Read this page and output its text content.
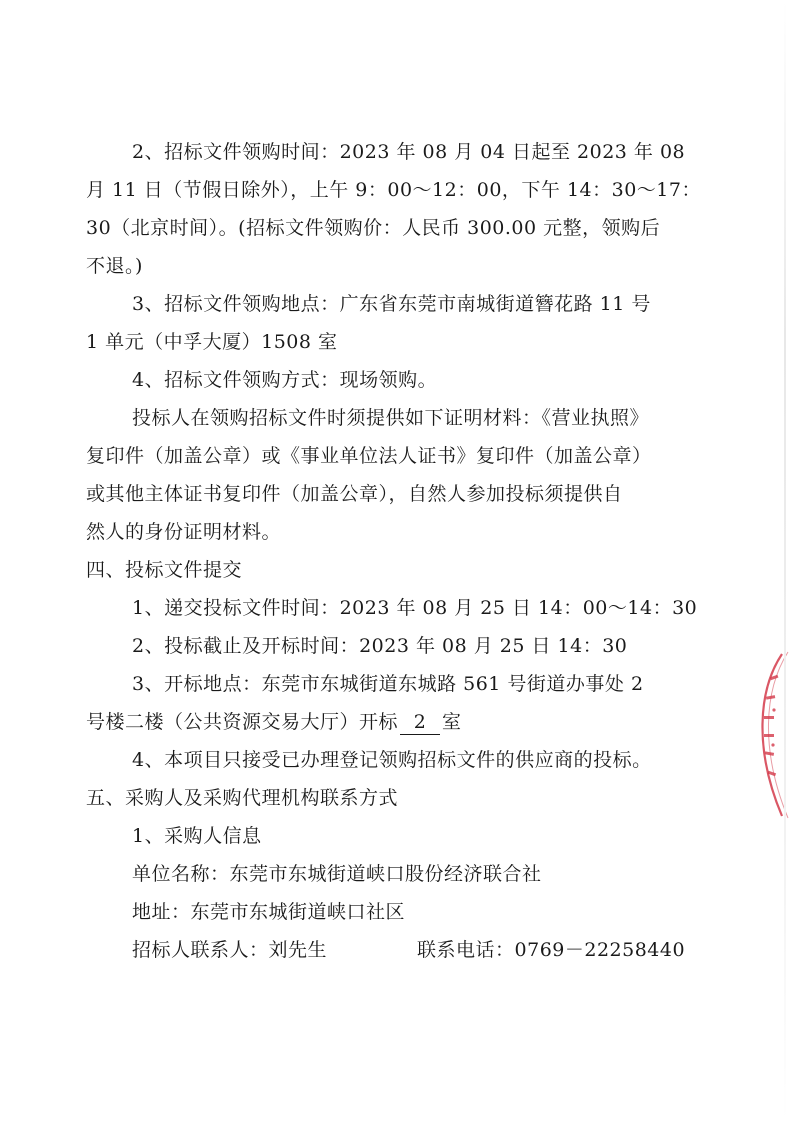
2、招标文件领购时间：2023 年 08 月 04 日起至 2023 年 08
月 11 日（节假日除外），上午 9：00～12：00，下午 14：30～17：
30（北京时间）。(招标文件领购价：人民币 300.00 元整，领购后
不退。)
3、招标文件领购地点：广东省东莞市南城街道簪花路 11 号
1 单元（中孚大厦）1508 室
4、招标文件领购方式：现场领购。
投标人在领购招标文件时须提供如下证明材料：《营业执照》
复印件（加盖公章）或《事业单位法人证书》复印件（加盖公章）
或其他主体证书复印件（加盖公章），自然人参加投标须提供自
然人的身份证明材料。
四、投标文件提交
1、递交投标文件时间：2023 年 08 月 25 日 14：00～14：30
2、投标截止及开标时间：2023 年 08 月 25 日 14：30
3、开标地点：东莞市东城街道东城路 561 号街道办事处 2
号楼二楼（公共资源交易大厅）开标 2 室
4、本项目只接受已办理登记领购招标文件的供应商的投标。
五、采购人及采购代理机构联系方式
1、采购人信息
单位名称：东莞市东城街道峡口股份经济联合社
地址：东莞市东城街道峡口社区
招标人联系人：刘先生	联系电话：0769－22258440
